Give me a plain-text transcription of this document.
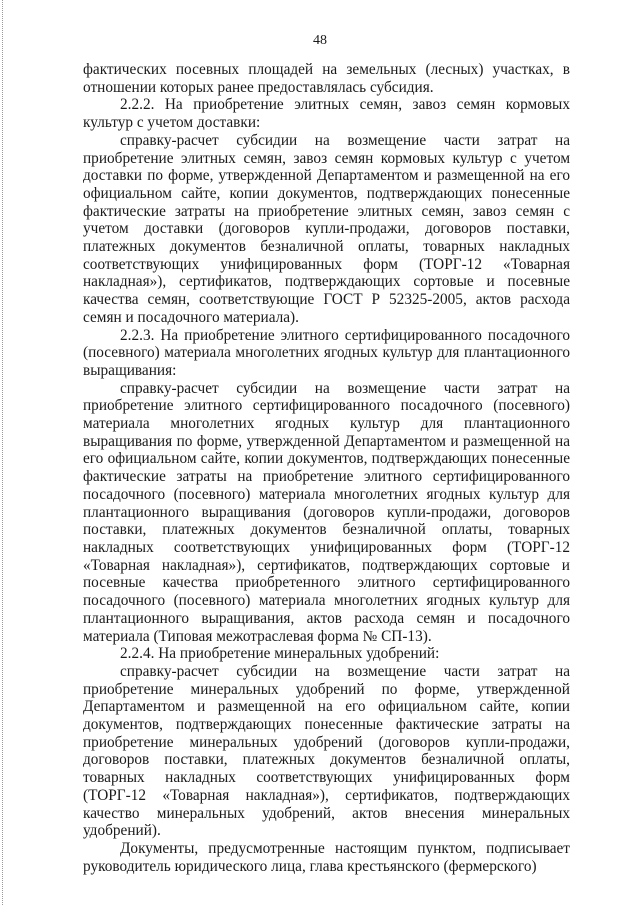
48

фактических посевных площадей на земельных (лесных) участках, в отношении которых ранее предоставлялась субсидия.

2.2.2. На приобретение элитных семян, завоз семян кормовых культур с учетом доставки:

справку-расчет субсидии на возмещение части затрат на приобретение элитных семян, завоз семян кормовых культур с учетом доставки по форме, утвержденной Департаментом и размещенной на его официальном сайте, копии документов, подтверждающих понесенные фактические затраты на приобретение элитных семян, завоз семян с учетом доставки (договоров купли-продажи, договоров поставки, платежных документов безналичной оплаты, товарных накладных соответствующих унифицированных форм (ТОРГ-12 «Товарная накладная»), сертификатов, подтверждающих сортовые и посевные качества семян, соответствующие ГОСТ Р 52325-2005, актов расхода семян и посадочного материала).

2.2.3. На приобретение элитного сертифицированного посадочного (посевного) материала многолетних ягодных культур для плантационного выращивания:

справку-расчет субсидии на возмещение части затрат на приобретение элитного сертифицированного посадочного (посевного) материала многолетних ягодных культур для плантационного выращивания по форме, утвержденной Департаментом и размещенной на его официальном сайте, копии документов, подтверждающих понесенные фактические затраты на приобретение элитного сертифицированного посадочного (посевного) материала многолетних ягодных культур для плантационного выращивания (договоров купли-продажи, договоров поставки, платежных документов безналичной оплаты, товарных накладных соответствующих унифицированных форм (ТОРГ-12 «Товарная накладная»), сертификатов, подтверждающих сортовые и посевные качества приобретенного элитного сертифицированного посадочного (посевного) материала многолетних ягодных культур для плантационного выращивания, актов расхода семян и посадочного материала (Типовая межотраслевая форма № СП-13).

2.2.4. На приобретение минеральных удобрений:

справку-расчет субсидии на возмещение части затрат на приобретение минеральных удобрений по форме, утвержденной Департаментом и размещенной на его официальном сайте, копии документов, подтверждающих понесенные фактические затраты на приобретение минеральных удобрений (договоров купли-продажи, договоров поставки, платежных документов безналичной оплаты, товарных накладных соответствующих унифицированных форм (ТОРГ-12 «Товарная накладная»), сертификатов, подтверждающих качество минеральных удобрений, актов внесения минеральных удобрений).

Документы, предусмотренные настоящим пунктом, подписывает руководитель юридического лица, глава крестьянского (фермерского)
